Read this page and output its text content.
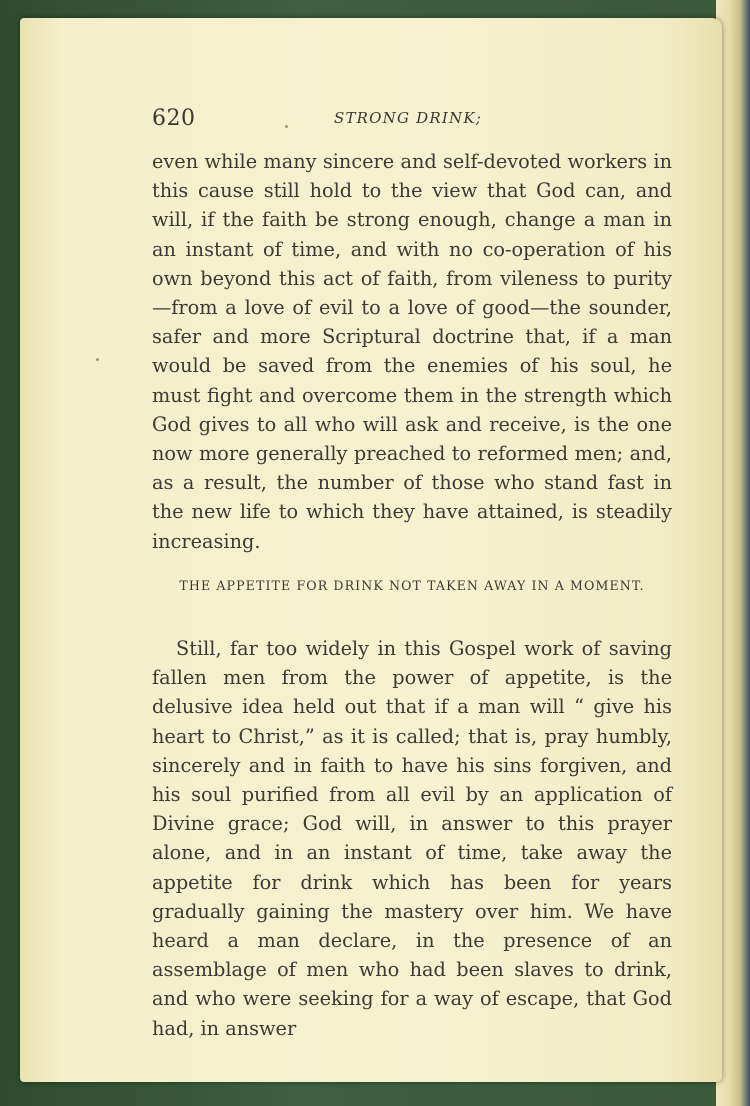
620	STRONG DRINK;

even while many sincere and self-devoted workers in this cause still hold to the view that God can, and will, if the faith be strong enough, change a man in an instant of time, and with no co-operation of his own beyond this act of faith, from vileness to purity—from a love of evil to a love of good—the sounder, safer and more Scriptural doctrine that, if a man would be saved from the enemies of his soul, he must fight and overcome them in the strength which God gives to all who will ask and receive, is the one now more generally preached to reformed men; and, as a result, the number of those who stand fast in the new life to which they have attained, is steadily increasing.

THE APPETITE FOR DRINK NOT TAKEN AWAY IN A MOMENT.

Still, far too widely in this Gospel work of saving fallen men from the power of appetite, is the delusive idea held out that if a man will “ give his heart to Christ,” as it is called; that is, pray humbly, sincerely and in faith to have his sins forgiven, and his soul purified from all evil by an application of Divine grace; God will, in answer to this prayer alone, and in an instant of time, take away the appetite for drink which has been for years gradually gaining the mastery over him. We have heard a man declare, in the presence of an assemblage of men who had been slaves to drink, and who were seeking for a way of escape, that God had, in answer
